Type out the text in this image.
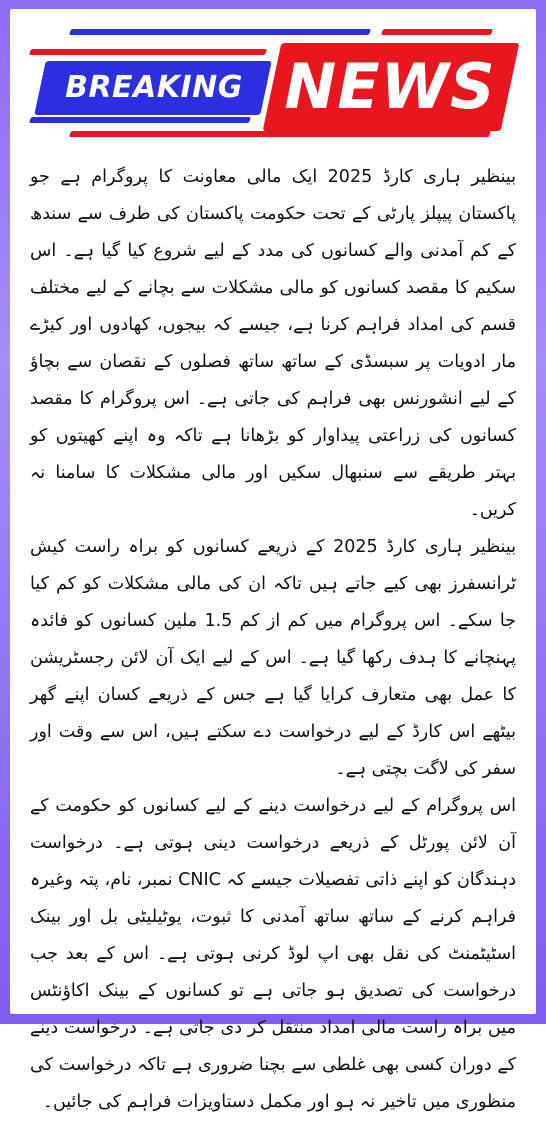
BREAKING NEWS

بینظیر ہاری کارڈ 2025 ایک مالی معاونت کا پروگرام ہے جو پاکستان پیپلز پارٹی کے تحت حکومت پاکستان کی طرف سے سندھ کے کم آمدنی والے کسانوں کی مدد کے لیے شروع کیا گیا ہے۔ اس سکیم کا مقصد کسانوں کو مالی مشکلات سے بچانے کے لیے مختلف قسم کی امداد فراہم کرنا ہے، جیسے کہ بیجوں، کھادوں اور کیڑے مار ادویات پر سبسڈی کے ساتھ ساتھ فصلوں کے نقصان سے بچاؤ کے لیے انشورنس بھی فراہم کی جاتی ہے۔ اس پروگرام کا مقصد کسانوں کی زراعتی پیداوار کو بڑھانا ہے تاکہ وہ اپنے کھیتوں کو بہتر طریقے سے سنبھال سکیں اور مالی مشکلات کا سامنا نہ کریں۔

بینظیر ہاری کارڈ 2025 کے ذریعے کسانوں کو براہ راست کیش ٹرانسفرز بھی کیے جاتے ہیں تاکہ ان کی مالی مشکلات کو کم کیا جا سکے۔ اس پروگرام میں کم از کم 1.5 ملین کسانوں کو فائدہ پہنچانے کا ہدف رکھا گیا ہے۔ اس کے لیے ایک آن لائن رجسٹریشن کا عمل بھی متعارف کرایا گیا ہے جس کے ذریعے کسان اپنے گھر بیٹھے اس کارڈ کے لیے درخواست دے سکتے ہیں، اس سے وقت اور سفر کی لاگت بچتی ہے۔

اس پروگرام کے لیے درخواست دینے کے لیے کسانوں کو حکومت کے آن لائن پورٹل کے ذریعے درخواست دینی ہوتی ہے۔ درخواست دہندگان کو اپنے ذاتی تفصیلات جیسے کہ CNIC نمبر، نام، پتہ وغیرہ فراہم کرنے کے ساتھ ساتھ آمدنی کا ثبوت، یوٹیلیٹی بل اور بینک اسٹیٹمنٹ کی نقل بھی اپ لوڈ کرنی ہوتی ہے۔ اس کے بعد جب درخواست کی تصدیق ہو جاتی ہے تو کسانوں کے بینک اکاؤنٹس میں براہ راست مالی امداد منتقل کر دی جاتی ہے۔ درخواست دینے کے دوران کسی بھی غلطی سے بچنا ضروری ہے تاکہ درخواست کی منظوری میں تاخیر نہ ہو اور مکمل دستاویزات فراہم کی جائیں۔
